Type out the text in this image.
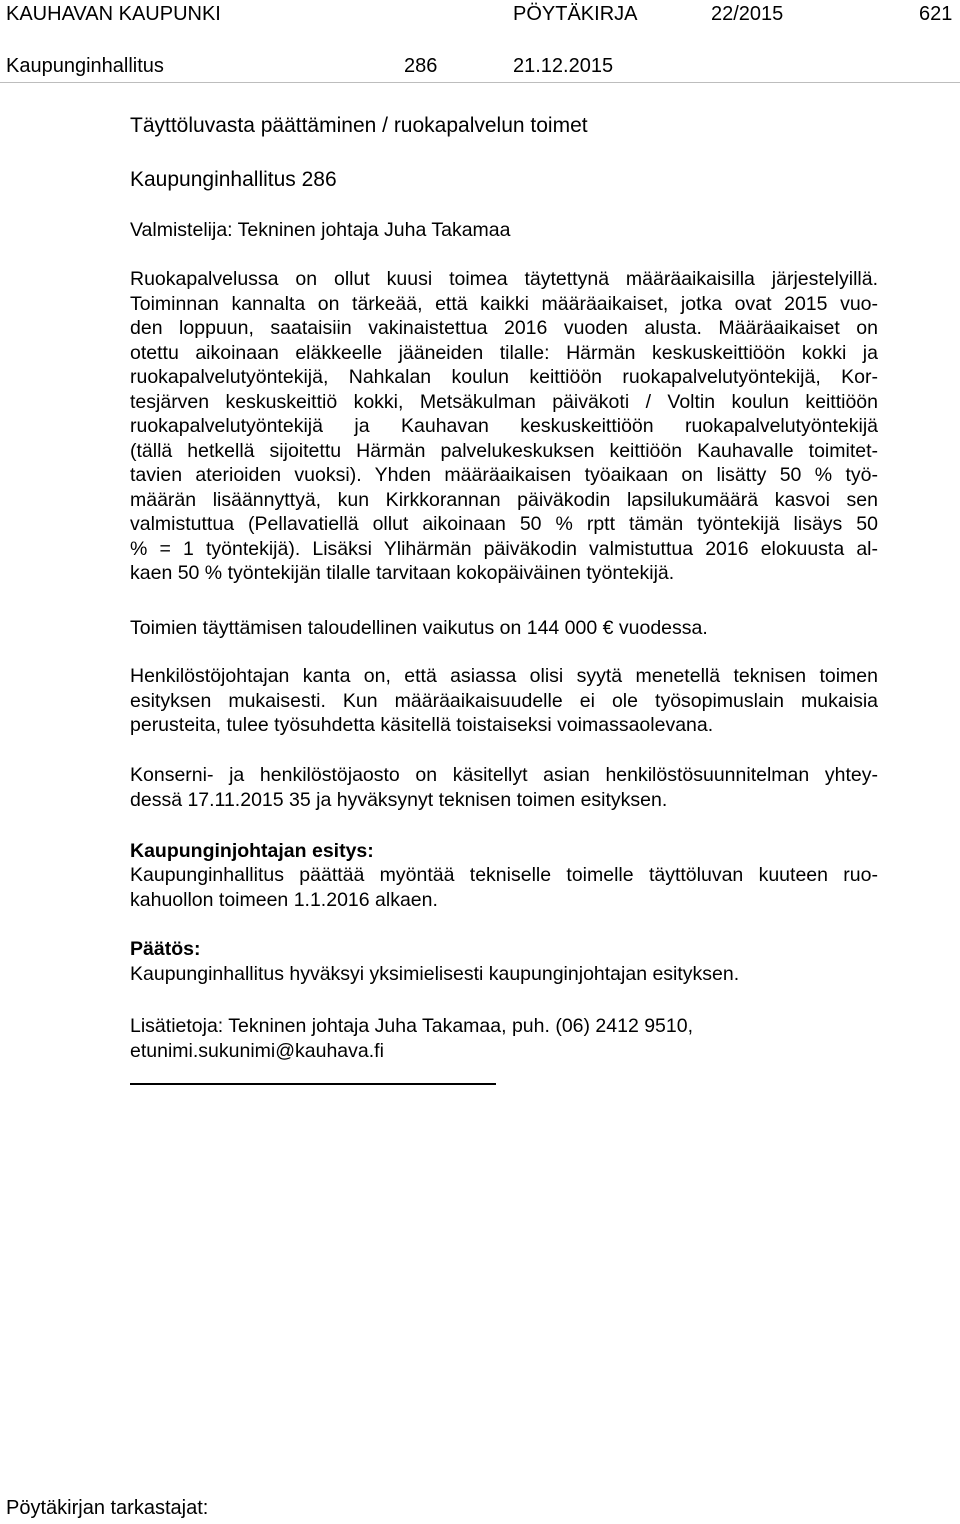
KAUHAVAN KAUPUNKI	PÖYTÄKIRJA	22/2015	621
Kaupunginhallitus	286	21.12.2015
Täyttöluvasta päättäminen / ruokapalvelun toimet
Kaupunginhallitus 286
Valmistelija: Tekninen johtaja Juha Takamaa
Ruokapalvelussa on ollut kuusi toimea täytettynä määräaikaisilla järjestelyillä.
Toiminnan kannalta on tärkeää, että kaikki määräaikaiset, jotka ovat 2015 vuo-
den loppuun, saataisiin vakinaistettua 2016 vuoden alusta. Määräaikaiset on
otettu aikoinaan eläkkeelle jääneiden tilalle: Härmän keskuskeittiöön kokki ja
ruokapalvelutyöntekijä, Nahkalan koulun keittiöön ruokapalvelutyöntekijä, Kor-
tesjärven keskuskeittiö kokki, Metsäkulman päiväkoti / Voltin koulun keittiöön
ruokapalvelutyöntekijä ja Kauhavan keskuskeittiöön ruokapalvelutyöntekijä
(tällä hetkellä sijoitettu Härmän palvelukeskuksen keittiöön Kauhavalle toimitet-
tavien aterioiden vuoksi). Yhden määräaikaisen työaikaan on lisätty 50 % työ-
määrän lisäännyttyä, kun Kirkkorannan päiväkodin lapsilukumäärä kasvoi sen
valmistuttua (Pellavatiellä ollut aikoinaan 50 % rptt tämän työntekijä lisäys 50
% = 1 työntekijä). Lisäksi Ylihärmän päiväkodin valmistuttua 2016 elokuusta al-
kaen 50 % työntekijän tilalle tarvitaan kokopäiväinen työntekijä.
Toimien täyttämisen taloudellinen vaikutus on 144 000 € vuodessa.
Henkilöstöjohtajan kanta on, että asiassa olisi syytä menetellä teknisen toimen
esityksen mukaisesti. Kun määräaikaisuudelle ei ole työsopimuslain mukaisia
perusteita, tulee työsuhdetta käsitellä toistaiseksi voimassaolevana.
Konserni- ja henkilöstöjaosto on käsitellyt asian henkilöstösuunnitelman yhtey-
dessä 17.11.2015 35 ja hyväksynyt teknisen toimen esityksen.
Kaupunginjohtajan esitys:
Kaupunginhallitus päättää myöntää tekniselle toimelle täyttöluvan kuuteen ruo-
kahuollon toimeen 1.1.2016 alkaen.
Päätös:
Kaupunginhallitus hyväksyi yksimielisesti kaupunginjohtajan esityksen.
Lisätietoja: Tekninen johtaja Juha Takamaa, puh. (06) 2412 9510,
etunimi.sukunimi@kauhava.fi
Pöytäkirjan tarkastajat:
